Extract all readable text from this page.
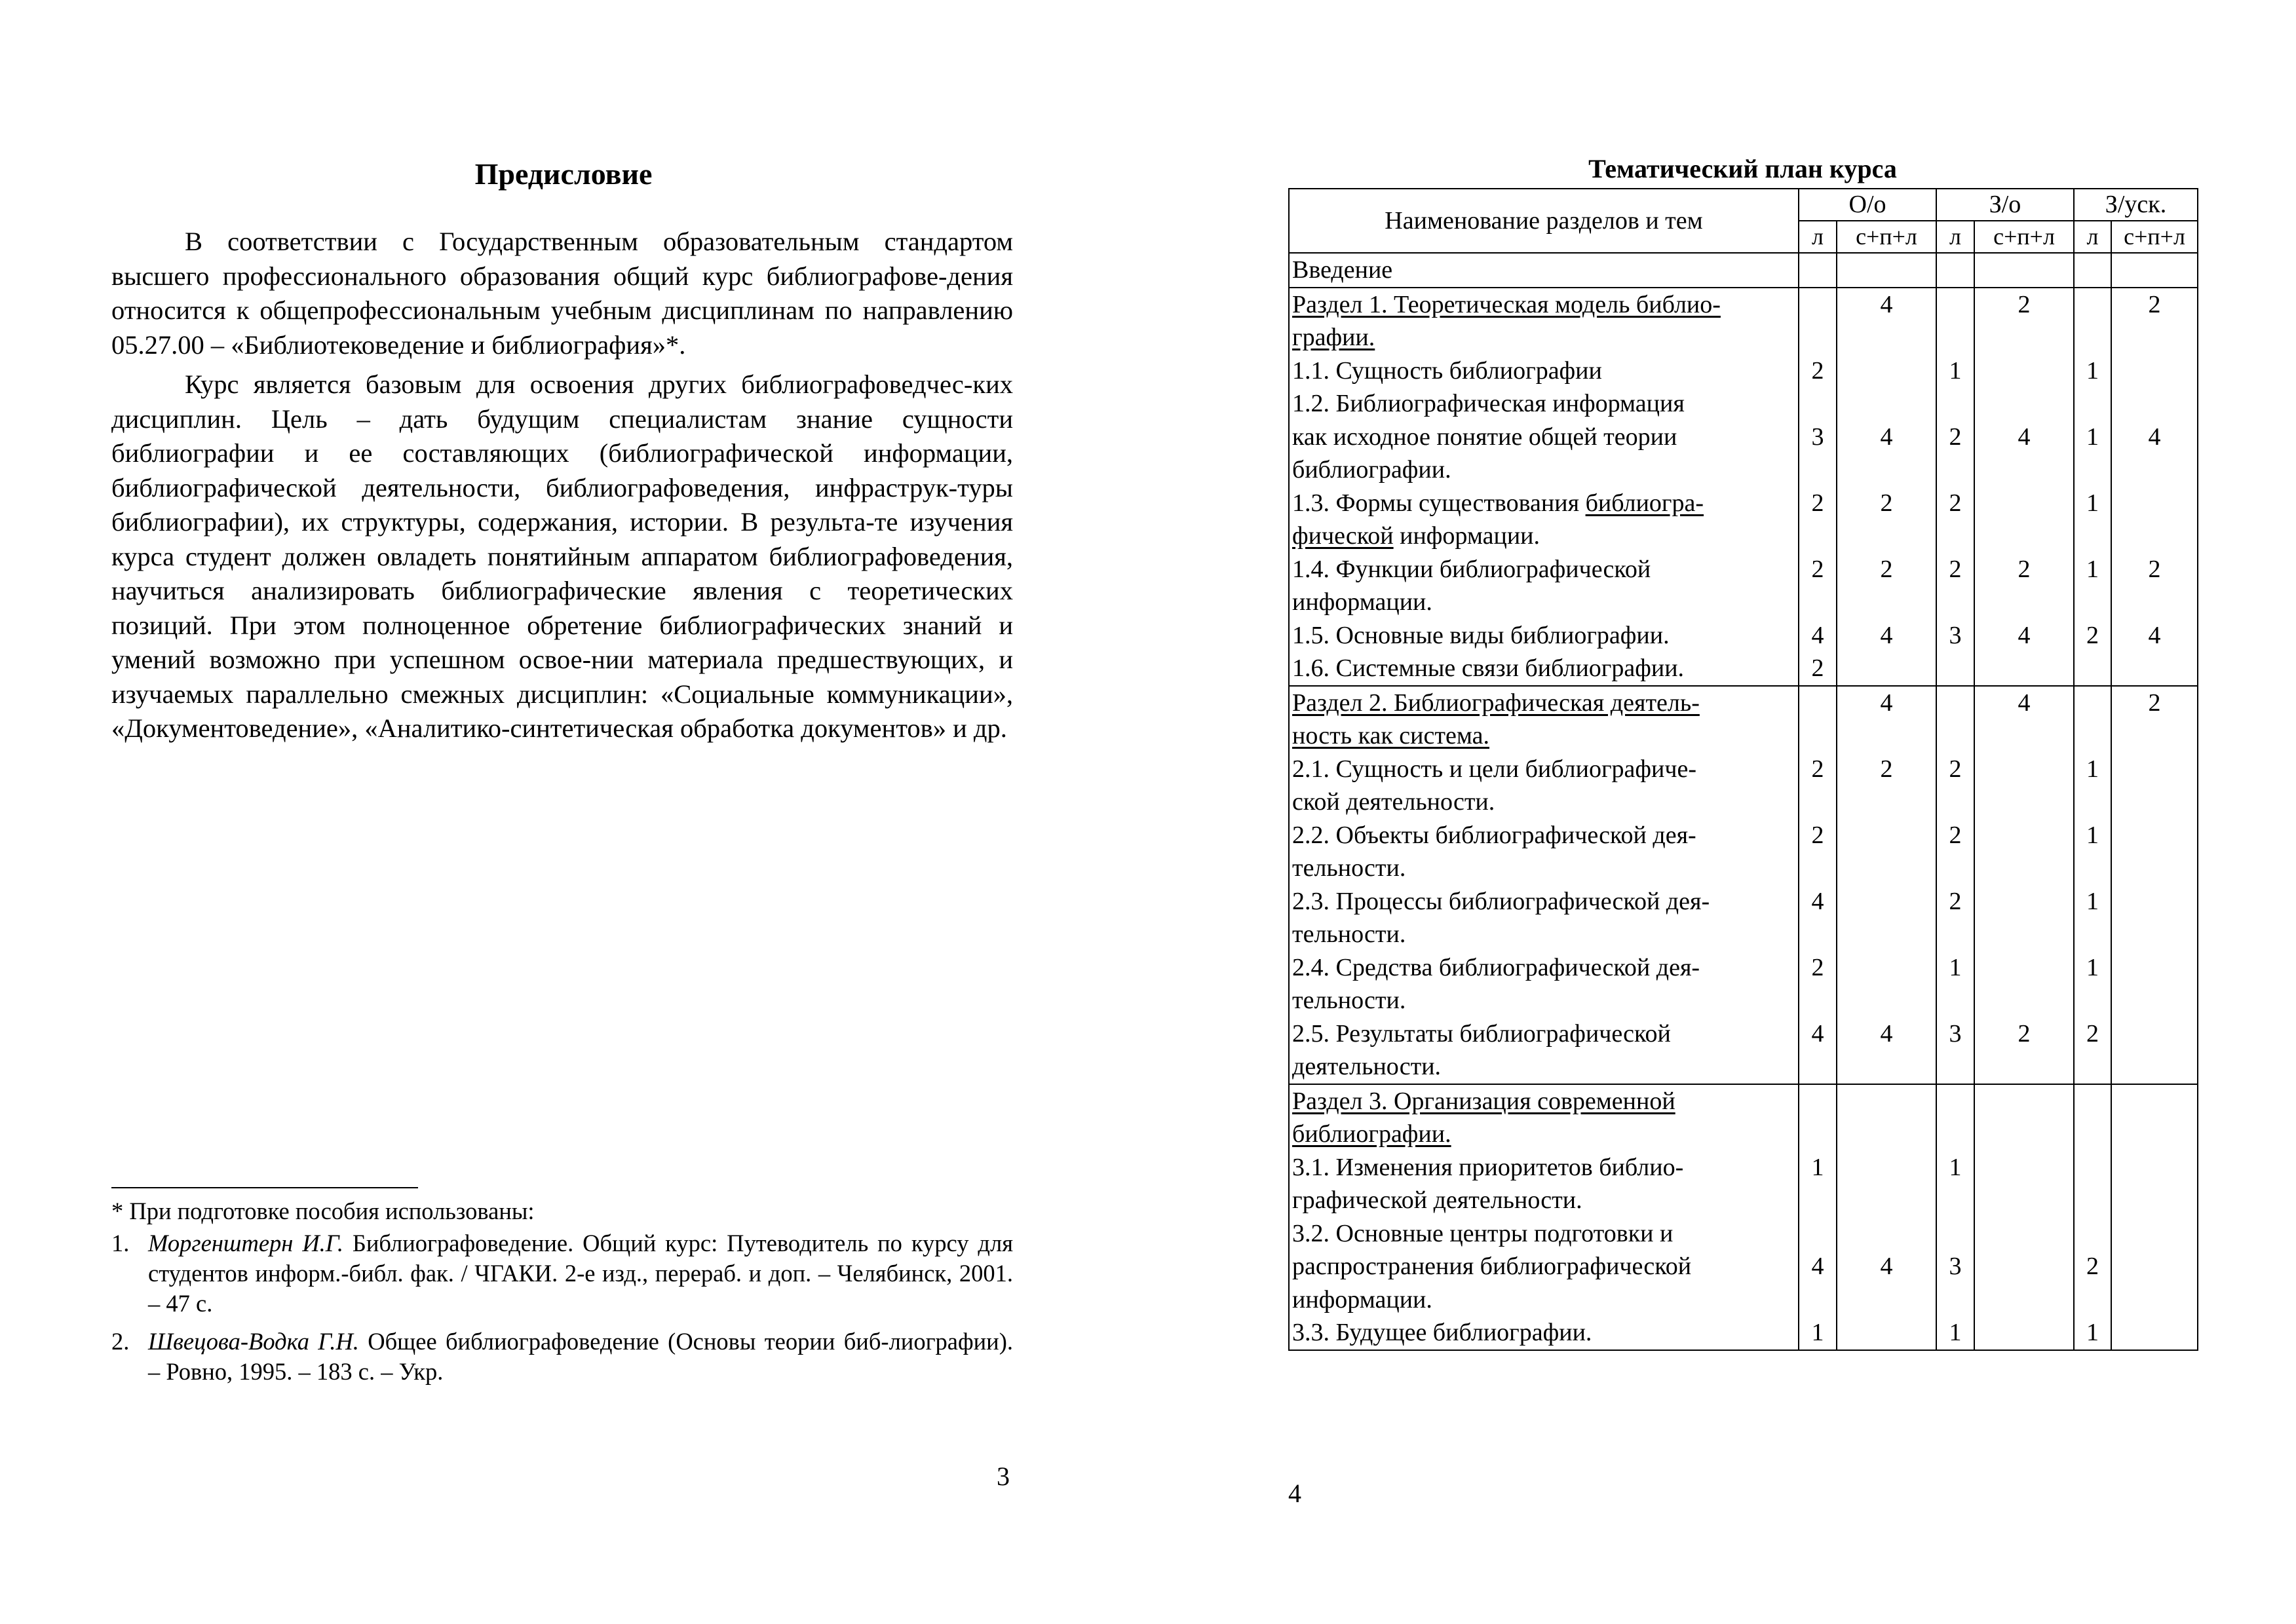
Предисловие

В соответствии с Государственным образовательным стандартом высшего профессионального образования общий курс библиографове-дения относится к общепрофессиональным учебным дисциплинам по направлению 05.27.00 – «Библиотековедение и библиография»*.

Курс является базовым для освоения других библиографоведчес-ких дисциплин. Цель – дать будущим специалистам знание сущности библиографии и ее составляющих (библиографической информации, библиографической деятельности, библиографоведения, инфраструк-туры библиографии), их структуры, содержания, истории. В результа-те изучения курса студент должен овладеть понятийным аппаратом библиографоведения, научиться анализировать библиографические явления с теоретических позиций. При этом полноценное обретение библиографических знаний и умений возможно при успешном освое-нии материала предшествующих, и изучаемых параллельно смежных дисциплин: «Социальные коммуникации», «Документоведение», «Аналитико-синтетическая обработка документов» и др.

* При подготовке пособия использованы:
1. Моргенштерн И.Г. Библиографоведение. Общий курс: Путеводитель по курсу для студентов информ.-библ. фак. / ЧГАКИ. 2-е изд., перераб. и доп. – Челябинск, 2001. – 47 с.
2. Швецова-Водка Г.Н. Общее библиографоведение (Основы теории биб-лиографии). – Ровно, 1995. – 183 с. – Укр.
3
Тематический план курса
Наименование разделов и тем	О/о		З/о		З/уск.	
	л	с+п+л	л	с+п+л	л	с+п+л

Введение						

Раздел 1. Теоретическая модель библио-
графии.		4		2		2

1.1. Сущность библиографии	2		1		1	

1.2. Библиографическая информация
как исходное понятие общей теории
библиографии.	3	4	2	4	1	4

1.3. Формы существования библиогра-
фической информации.	2	2	2		1	

1.4. Функции библиографической
информации.	2	2	2	2	1	2

1.5. Основные виды библиографии.	4	4	3	4	2	4

1.6. Системные связи библиографии.	2					

Раздел 2. Библиографическая деятель-
ность как система.		4		4		2

2.1. Сущность и цели библиографиче-
ской деятельности.	2	2	2		1	

2.2. Объекты библиографической дея-
тельности.	2		2		1	

2.3. Процессы библиографической дея-
тельности.	4		2		1	

2.4. Средства библиографической дея-
тельности.	2		1		1	

2.5. Результаты библиографической
деятельности.	4	4	3	2	2	

Раздел 3. Организация современной
библиографии.						

3.1. Изменения приоритетов библио-
графической деятельности.	1		1			

3.2. Основные центры подготовки и
распространения библиографической
информации.	4	4	3		2	

3.3. Будущее библиографии.	1		1		1	

4
